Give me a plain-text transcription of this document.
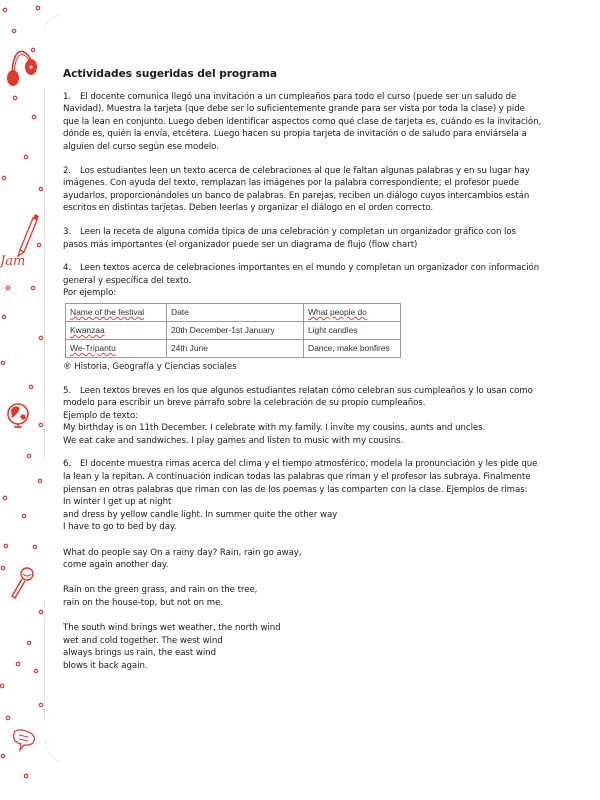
Jam
Actividades sugeridas del programa

1. El docente comunica llegó una invitación a un cumpleaños para todo el curso (puede ser un saludo de Navidad). Muestra la tarjeta (que debe ser lo suficientemente grande para ser vista por toda la clase) y pide que la lean en conjunto. Luego deben identificar aspectos como qué clase de tarjeta es, cuándo es la invitación, dónde es, quién la envía, etcétera. Luego hacen su propia tarjeta de invitación o de saludo para enviársela a alguien del curso según ese modelo.

2. Los estudiantes leen un texto acerca de celebraciones al que le faltan algunas palabras y en su lugar hay imágenes. Con ayuda del texto, remplazan las imágenes por la palabra correspondiente; el profesor puede ayudarlos, proporcionándoles un banco de palabras. En parejas, reciben un diálogo cuyos intercambios están escritos en distintas tarjetas. Deben leerlas y organizar el diálogo en el orden correcto.

3. Leen la receta de alguna comida típica de una celebración y completan un organizador gráfico con los pasos más importantes (el organizador puede ser un diagrama de flujo (flow chart)

4. Leen textos acerca de celebraciones importantes en el mundo y completan un organizador con información general y específica del texto.

Por ejemplo:

Name of the festival	Date	What people do
Kwanzaa	20th December-1st January	Light candles
We-Tripantu	24th June	Dance, make bonfires

® Historia, Geografía y Ciencias sociales

5. Leen textos breves en los que algunos estudiantes relatan cómo celebran sus cumpleaños y lo usan como modelo para escribir un breve párrafo sobre la celebración de su propio cumpleaños.

Ejemplo de texto:

My birthday is on 11th December. I celebrate with my family. I invite my cousins, aunts and uncles.

We eat cake and sandwiches. I play games and listen to music with my cousins.

6. El docente muestra rimas acerca del clima y el tiempo atmosférico, modela la pronunciación y les pide que la lean y la repitan. A continuación indican todas las palabras que riman y el profesor las subraya. Finalmente piensan en otras palabras que riman con las de los poemas y las comparten con la clase. Ejemplos de rimas:

In winter I get up at night

and dress by yellow candle light. In summer quite the other way

I have to go to bed by day.

What do people say On a rainy day? Rain, rain go away,

come again another day.

Rain on the green grass, and rain on the tree,

rain on the house-top, but not on me.

The south wind brings wet weather, the north wind

wet and cold together. The west wind

always brings us rain, the east wind

blows it back again.
